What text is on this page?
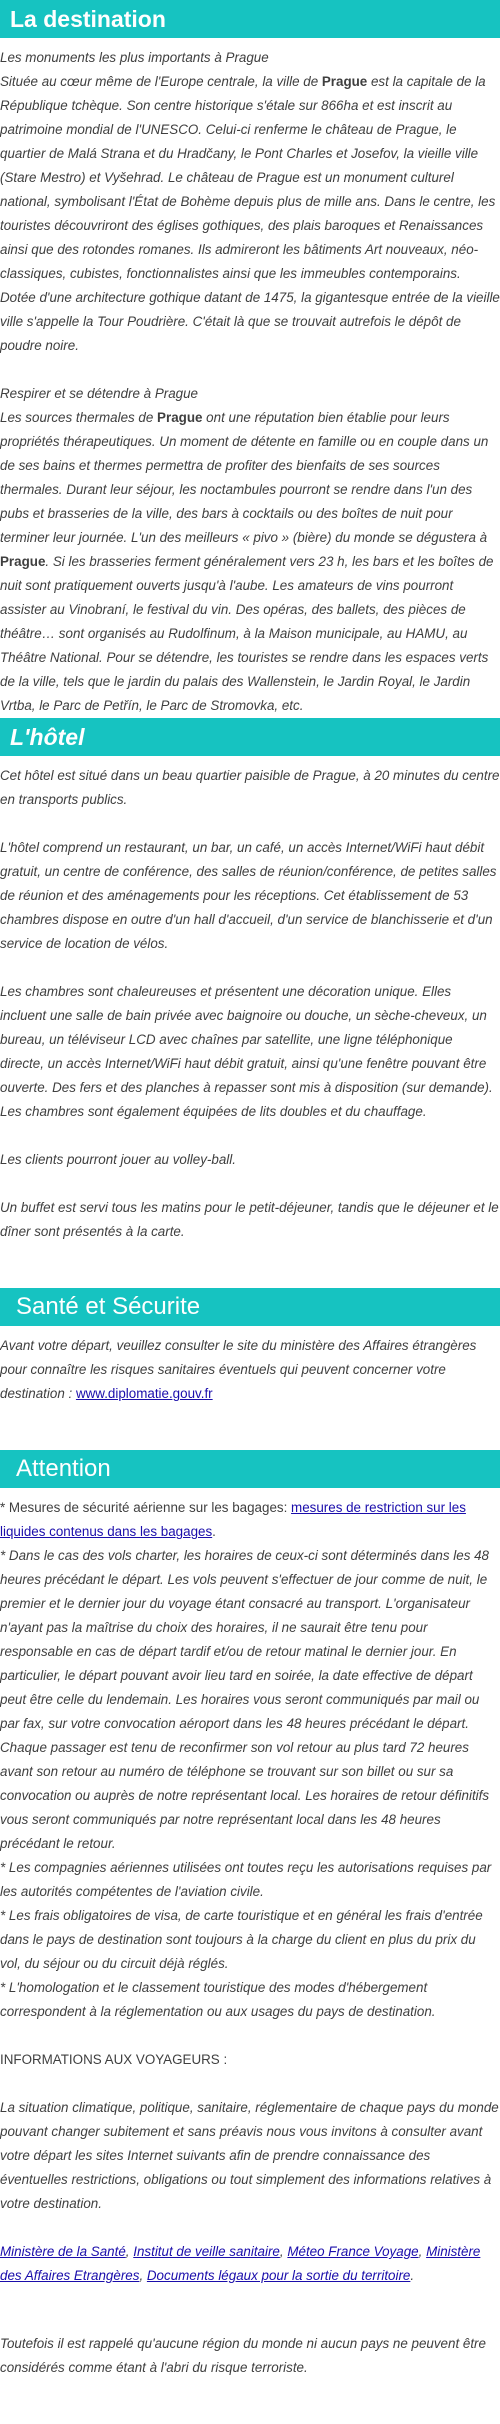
La destination
Les monuments les plus importants à Prague
Située au cœur même de l'Europe centrale, la ville de Prague est la capitale de la République tchèque. Son centre historique s'étale sur 866ha et est inscrit au patrimoine mondial de l'UNESCO. Celui-ci renferme le château de Prague, le quartier de Malá Strana et du Hradčany, le Pont Charles et Josefov, la vieille ville (Stare Mestro) et Vyšehrad. Le château de Prague est un monument culturel national, symbolisant l'État de Bohème depuis plus de mille ans. Dans le centre, les touristes découvriront des églises gothiques, des plais baroques et Renaissances ainsi que des rotondes romanes. Ils admireront les bâtiments Art nouveaux, néo-classiques, cubistes, fonctionnalistes ainsi que les immeubles contemporains. Dotée d'une architecture gothique datant de 1475, la gigantesque entrée de la vieille ville s'appelle la Tour Poudrière. C'était là que se trouvait autrefois le dépôt de poudre noire.
Respirer et se détendre à Prague
Les sources thermales de Prague ont une réputation bien établie pour leurs propriétés thérapeutiques. Un moment de détente en famille ou en couple dans un de ses bains et thermes permettra de profiter des bienfaits de ses sources thermales. Durant leur séjour, les noctambules pourront se rendre dans l'un des pubs et brasseries de la ville, des bars à cocktails ou des boîtes de nuit pour terminer leur journée. L'un des meilleurs « pivo » (bière) du monde se dégustera à Prague. Si les brasseries ferment généralement vers 23 h, les bars et les boîtes de nuit sont pratiquement ouverts jusqu'à l'aube. Les amateurs de vins pourront assister au Vinobraní, le festival du vin. Des opéras, des ballets, des pièces de théâtre… sont organisés au Rudolfinum, à la Maison municipale, au HAMU, au Théâtre National. Pour se détendre, les touristes se rendre dans les espaces verts de la ville, tels que le jardin du palais des Wallenstein, le Jardin Royal, le Jardin Vrtba, le Parc de Petřín, le Parc de Stromovka, etc.
L'hôtel
Cet hôtel est situé dans un beau quartier paisible de Prague, à 20 minutes du centre en transports publics.
L'hôtel comprend un restaurant, un bar, un café, un accès Internet/WiFi haut débit gratuit, un centre de conférence, des salles de réunion/conférence, de petites salles de réunion et des aménagements pour les réceptions. Cet établissement de 53 chambres dispose en outre d'un hall d'accueil, d'un service de blanchisserie et d'un service de location de vélos.
Les chambres sont chaleureuses et présentent une décoration unique. Elles incluent une salle de bain privée avec baignoire ou douche, un sèche-cheveux, un bureau, un téléviseur LCD avec chaînes par satellite, une ligne téléphonique directe, un accès Internet/WiFi haut débit gratuit, ainsi qu'une fenêtre pouvant être ouverte. Des fers et des planches à repasser sont mis à disposition (sur demande). Les chambres sont également équipées de lits doubles et du chauffage.
Les clients pourront jouer au volley-ball.
Un buffet est servi tous les matins pour le petit-déjeuner, tandis que le déjeuner et le dîner sont présentés à la carte.
Santé et Sécurite
Avant votre départ, veuillez consulter le site du ministère des Affaires étrangères pour connaître les risques sanitaires éventuels qui peuvent concerner votre destination : www.diplomatie.gouv.fr
Attention
* Mesures de sécurité aérienne sur les bagages: mesures de restriction sur les liquides contenus dans les bagages.
* Dans le cas des vols charter, les horaires de ceux-ci sont déterminés dans les 48 heures précédant le départ. Les vols peuvent s'effectuer de jour comme de nuit, le premier et le dernier jour du voyage étant consacré au transport. L'organisateur n'ayant pas la maîtrise du choix des horaires, il ne saurait être tenu pour responsable en cas de départ tardif et/ou de retour matinal le dernier jour. En particulier, le départ pouvant avoir lieu tard en soirée, la date effective de départ peut être celle du lendemain. Les horaires vous seront communiqués par mail ou par fax, sur votre convocation aéroport dans les 48 heures précédant le départ. Chaque passager est tenu de reconfirmer son vol retour au plus tard 72 heures avant son retour au numéro de téléphone se trouvant sur son billet ou sur sa convocation ou auprès de notre représentant local. Les horaires de retour définitifs vous seront communiqués par notre représentant local dans les 48 heures précédant le retour.
* Les compagnies aériennes utilisées ont toutes reçu les autorisations requises par les autorités compétentes de l'aviation civile.
* Les frais obligatoires de visa, de carte touristique et en général les frais d'entrée dans le pays de destination sont toujours à la charge du client en plus du prix du vol, du séjour ou du circuit déjà réglés.
* L'homologation et le classement touristique des modes d'hébergement correspondent à la réglementation ou aux usages du pays de destination.
INFORMATIONS AUX VOYAGEURS :
La situation climatique, politique, sanitaire, réglementaire de chaque pays du monde pouvant changer subitement et sans préavis nous vous invitons à consulter avant votre départ les sites Internet suivants afin de prendre connaissance des éventuelles restrictions, obligations ou tout simplement des informations relatives à votre destination.
Ministère de la Santé, Institut de veille sanitaire, Méteo France Voyage, Ministère des Affaires Etrangères, Documents légaux pour la sortie du territoire.
Toutefois il est rappelé qu'aucune région du monde ni aucun pays ne peuvent être considérés comme étant à l'abri du risque terroriste.
